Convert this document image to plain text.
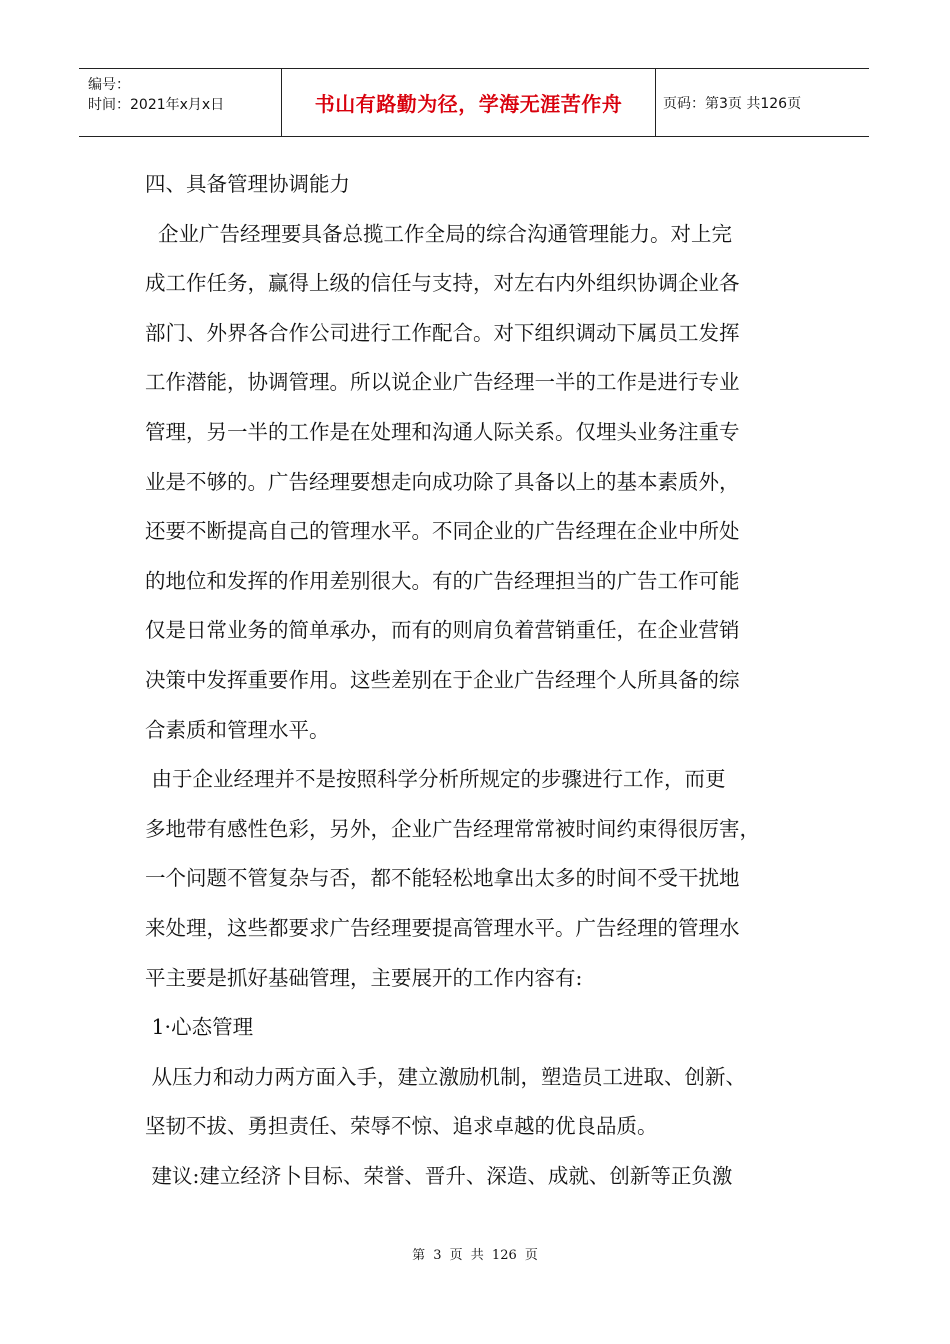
编号：
时间：2021年x月x日	书山有路勤为径，学海无涯苦作舟	页码：第3页 共126页

四、具备管理协调能力

企业广告经理要具备总揽工作全局的综合沟通管理能力。对上完
成工作任务，赢得上级的信任与支持，对左右内外组织协调企业各
部门、外界各合作公司进行工作配合。对下组织调动下属员工发挥
工作潜能，协调管理。所以说企业广告经理一半的工作是进行专业
管理，另一半的工作是在处理和沟通人际关系。仅埋头业务注重专
业是不够的。广告经理要想走向成功除了具备以上的基本素质外，
还要不断提高自己的管理水平。不同企业的广告经理在企业中所处
的地位和发挥的作用差别很大。有的广告经理担当的广告工作可能
仅是日常业务的简单承办，而有的则肩负着营销重任，在企业营销
决策中发挥重要作用。这些差别在于企业广告经理个人所具备的综
合素质和管理水平。

由于企业经理并不是按照科学分析所规定的步骤进行工作，而更
多地带有感性色彩，另外，企业广告经理常常被时间约束得很厉害，
一个问题不管复杂与否，都不能轻松地拿出太多的时间不受干扰地
来处理，这些都要求广告经理要提高管理水平。广告经理的管理水
平主要是抓好基础管理，主要展开的工作内容有:

1·心态管理

从压力和动力两方面入手，建立激励机制，塑造员工进取、创新、
坚韧不拔、勇担责任、荣辱不惊、追求卓越的优良品质。

建议:建立经济卜目标、荣誉、晋升、深造、成就、创新等正负激

第 3 页 共 126 页
